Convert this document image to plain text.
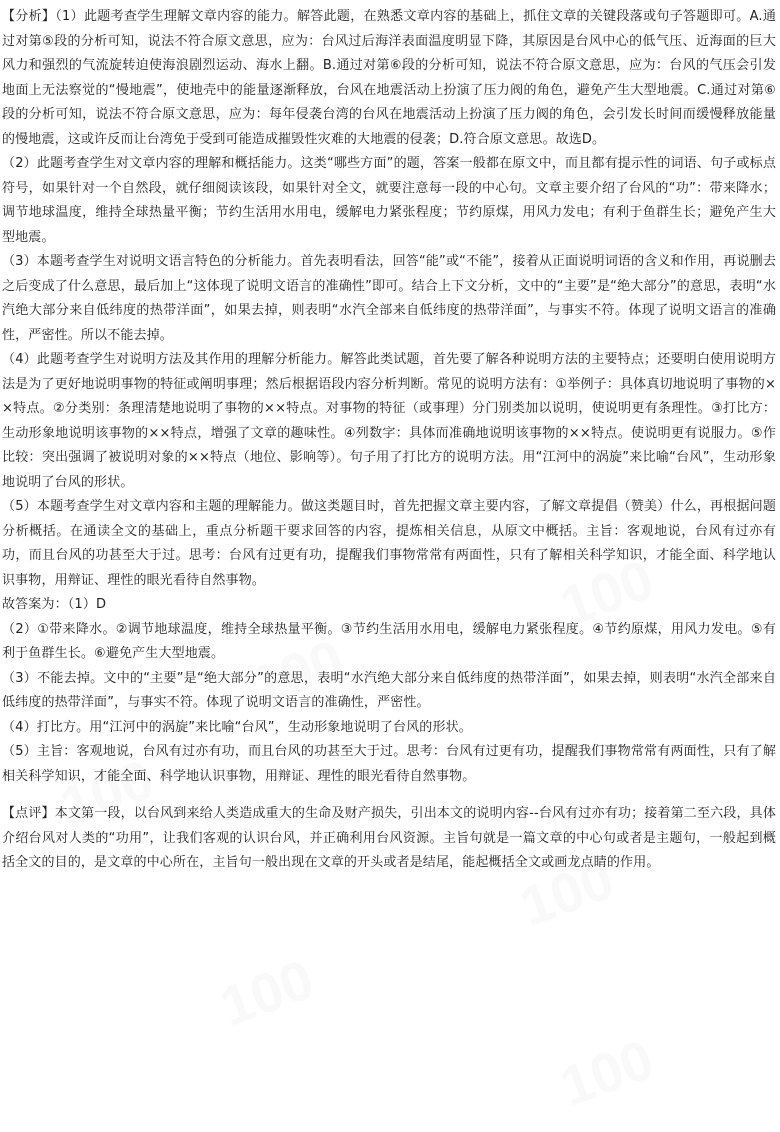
100
100
100
100
100
100

【分析】（1）此题考查学生理解文章内容的能力。解答此题，在熟悉文章内容的基础上，抓住文章的关键段落或句子答题即可。A.通过对第⑤段的分析可知，说法不符合原文意思，应为：台风过后海洋表面温度明显下降，其原因是台风中心的低气压、近海面的巨大风力和强烈的气流旋转迫使海浪剧烈运动、海水上翻。B.通过对第⑥段的分析可知，说法不符合原文意思，应为：台风的气压会引发地面上无法察觉的“慢地震”，使地壳中的能量逐渐释放，台风在地震活动上扮演了压力阀的角色，避免产生大型地震。C.通过对第⑥段的分析可知，说法不符合原文意思，应为：每年侵袭台湾的台风在地震活动上扮演了压力阀的角色，会引发长时间而缓慢释放能量的慢地震，这或许反而让台湾免于受到可能造成摧毁性灾难的大地震的侵袭；D.符合原文意思。故选D。

（2）此题考查学生对文章内容的理解和概括能力。这类“哪些方面”的题，答案一般都在原文中，而且都有提示性的词语、句子或标点符号，如果针对一个自然段，就仔细阅读该段，如果针对全文，就要注意每一段的中心句。文章主要介绍了台风的“功”：带来降水；调节地球温度，维持全球热量平衡；节约生活用水用电，缓解电力紧张程度；节约原煤，用风力发电；有利于鱼群生长；避免产生大型地震。

（3）本题考查学生对说明文语言特色的分析能力。首先表明看法，回答“能”或“不能”，接着从正面说明词语的含义和作用，再说删去之后变成了什么意思，最后加上“这体现了说明文语言的准确性”即可。结合上下文分析，文中的“主要”是“绝大部分”的意思，表明“水汽绝大部分来自低纬度的热带洋面”，如果去掉，则表明“水汽全部来自低纬度的热带洋面”，与事实不符。体现了说明文语言的准确性，严密性。所以不能去掉。

（4）此题考查学生对说明方法及其作用的理解分析能力。解答此类试题，首先要了解各种说明方法的主要特点；还要明白使用说明方法是为了更好地说明事物的特征或阐明事理；然后根据语段内容分析判断。常见的说明方法有：①举例子：具体真切地说明了事物的××特点。②分类别：条理清楚地说明了事物的××特点。对事物的特征（或事理）分门别类加以说明，使说明更有条理性。③打比方：生动形象地说明该事物的××特点，增强了文章的趣味性。④列数字：具体而准确地说明该事物的××特点。使说明更有说服力。⑤作比较：突出强调了被说明对象的××特点（地位、影响等）。句子用了打比方的说明方法。用“江河中的涡旋”来比喻“台风”，生动形象地说明了台风的形状。

（5）本题考查学生对文章内容和主题的理解能力。做这类题目时，首先把握文章主要内容，了解文章提倡（赞美）什么，再根据问题分析概括。在通读全文的基础上，重点分析题干要求回答的内容，提炼相关信息，从原文中概括。主旨：客观地说，台风有过亦有功，而且台风的功甚至大于过。思考：台风有过更有功，提醒我们事物常常有两面性，只有了解相关科学知识，才能全面、科学地认识事物，用辩证、理性的眼光看待自然事物。

故答案为：（1）D

（2）①带来降水。②调节地球温度，维持全球热量平衡。③节约生活用水用电，缓解电力紧张程度。④节约原煤，用风力发电。⑤有利于鱼群生长。⑥避免产生大型地震。

（3）不能去掉。文中的“主要”是“绝大部分”的意思，表明“水汽绝大部分来自低纬度的热带洋面”，如果去掉，则表明“水汽全部来自低纬度的热带洋面”，与事实不符。体现了说明文语言的准确性，严密性。

（4）打比方。用“江河中的涡旋”来比喻“台风”，生动形象地说明了台风的形状。

（5）主旨：客观地说，台风有过亦有功，而且台风的功甚至大于过。思考：台风有过更有功，提醒我们事物常常有两面性，只有了解相关科学知识，才能全面、科学地认识事物，用辩证、理性的眼光看待自然事物。

【点评】本文第一段，以台风到来给人类造成重大的生命及财产损失，引出本文的说明内容--台风有过亦有功；接着第二至六段，具体介绍台风对人类的“功用”，让我们客观的认识台风，并正确利用台风资源。主旨句就是一篇文章的中心句或者是主题句，一般起到概括全文的目的，是文章的中心所在，主旨句一般出现在文章的开头或者是结尾，能起概括全文或画龙点睛的作用。
